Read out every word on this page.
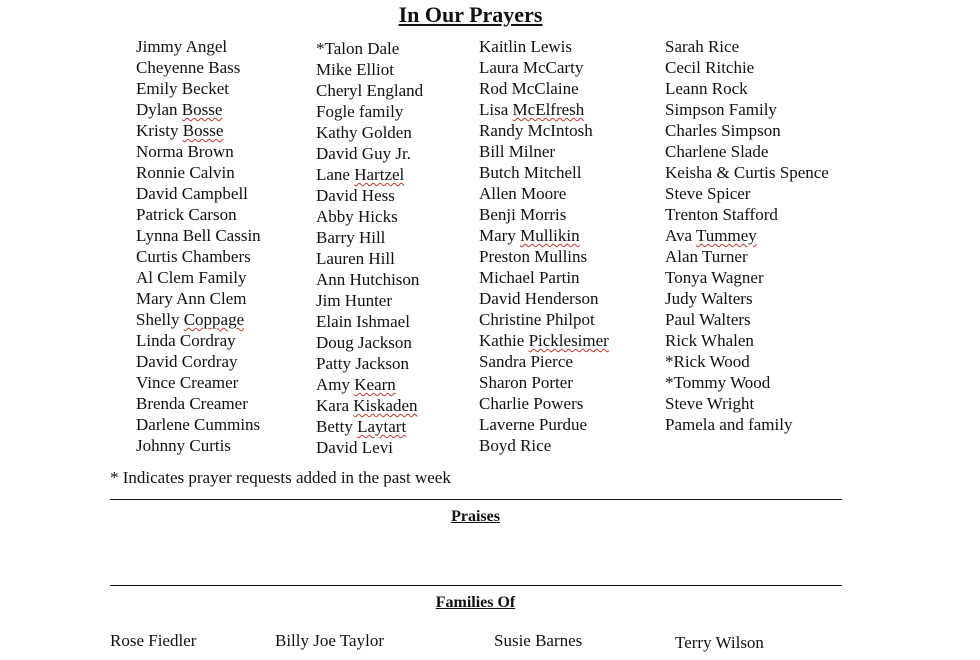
In Our Prayers
Jimmy Angel
Cheyenne Bass
Emily Becket
Dylan Bosse
Kristy Bosse
Norma Brown
Ronnie Calvin
David Campbell
Patrick Carson
Lynna Bell Cassin
Curtis Chambers
Al Clem Family
Mary Ann Clem
Shelly Coppage
Linda Cordray
David Cordray
Vince Creamer
Brenda Creamer
Darlene Cummins
Johnny Curtis
*Talon Dale
Mike Elliot
Cheryl England
Fogle family
Kathy Golden
David Guy Jr.
Lane Hartzel
David Hess
Abby Hicks
Barry Hill
Lauren Hill
Ann Hutchison
Jim Hunter
Elain Ishmael
Doug Jackson
Patty Jackson
Amy Kearn
Kara Kiskaden
Betty Laytart
David Levi
Kaitlin Lewis
Laura McCarty
Rod McClaine
Lisa McElfresh
Randy McIntosh
Bill Milner
Butch Mitchell
Allen Moore
Benji Morris
Mary Mullikin
Preston Mullins
Michael Partin
David Henderson
Christine Philpot
Kathie Picklesimer
Sandra Pierce
Sharon Porter
Charlie Powers
Laverne Purdue
Boyd Rice
Sarah Rice
Cecil Ritchie
Leann Rock
Simpson Family
Charles Simpson
Charlene Slade
Keisha & Curtis Spence
Steve Spicer
Trenton Stafford
Ava Tummey
Alan Turner
Tonya Wagner
Judy Walters
Paul Walters
Rick Whalen
*Rick Wood
*Tommy Wood
Steve Wright
Pamela and family
* Indicates prayer requests added in the past week
Praises
Families Of
Rose Fiedler	Billy Joe Taylor	Susie Barnes	Terry Wilson
